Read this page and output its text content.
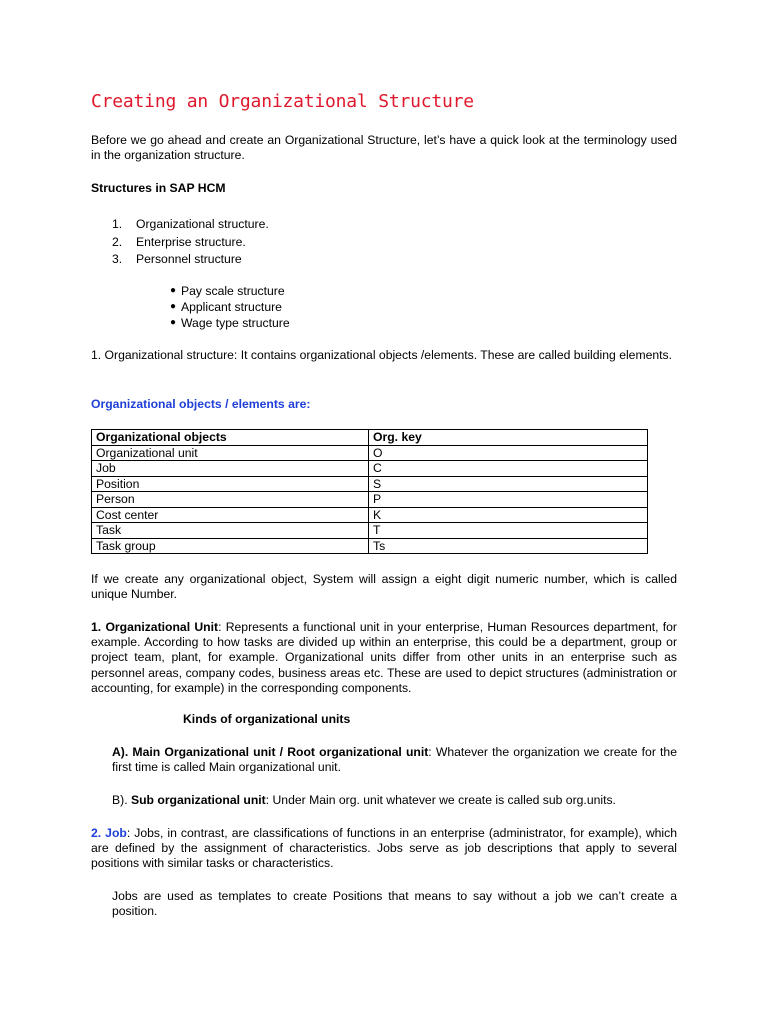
Creating an Organizational Structure

Before we go ahead and create an Organizational Structure, let’s have a quick look at the terminology used in the organization structure.

Structures in SAP HCM

1. Organizational structure.
2. Enterprise structure.
3. Personnel structure
● Pay scale structure
● Applicant structure
● Wage type structure

1. Organizational structure: It contains organizational objects /elements. These are called building elements.

Organizational objects / elements are:

Organizational objects	Org. key
Organizational unit	O
Job	C
Position	S
Person	P
Cost center	K
Task	T
Task group	Ts

If we create any organizational object, System will assign a eight digit numeric number, which is called unique Number.

1. Organizational Unit: Represents a functional unit in your enterprise, Human Resources department, for example. According to how tasks are divided up within an enterprise, this could be a department, group or project team, plant, for example. Organizational units differ from other units in an enterprise such as personnel areas, company codes, business areas etc. These are used to depict structures (administration or accounting, for example) in the corresponding components.

Kinds of organizational units

A). Main Organizational unit / Root organizational unit: Whatever the organization we create for the first time is called Main organizational unit.

B). Sub organizational unit: Under Main org. unit whatever we create is called sub org.units.

2. Job: Jobs, in contrast, are classifications of functions in an enterprise (administrator, for example), which are defined by the assignment of characteristics. Jobs serve as job descriptions that apply to several positions with similar tasks or characteristics.

Jobs are used as templates to create Positions that means to say without a job we can’t create a position.
